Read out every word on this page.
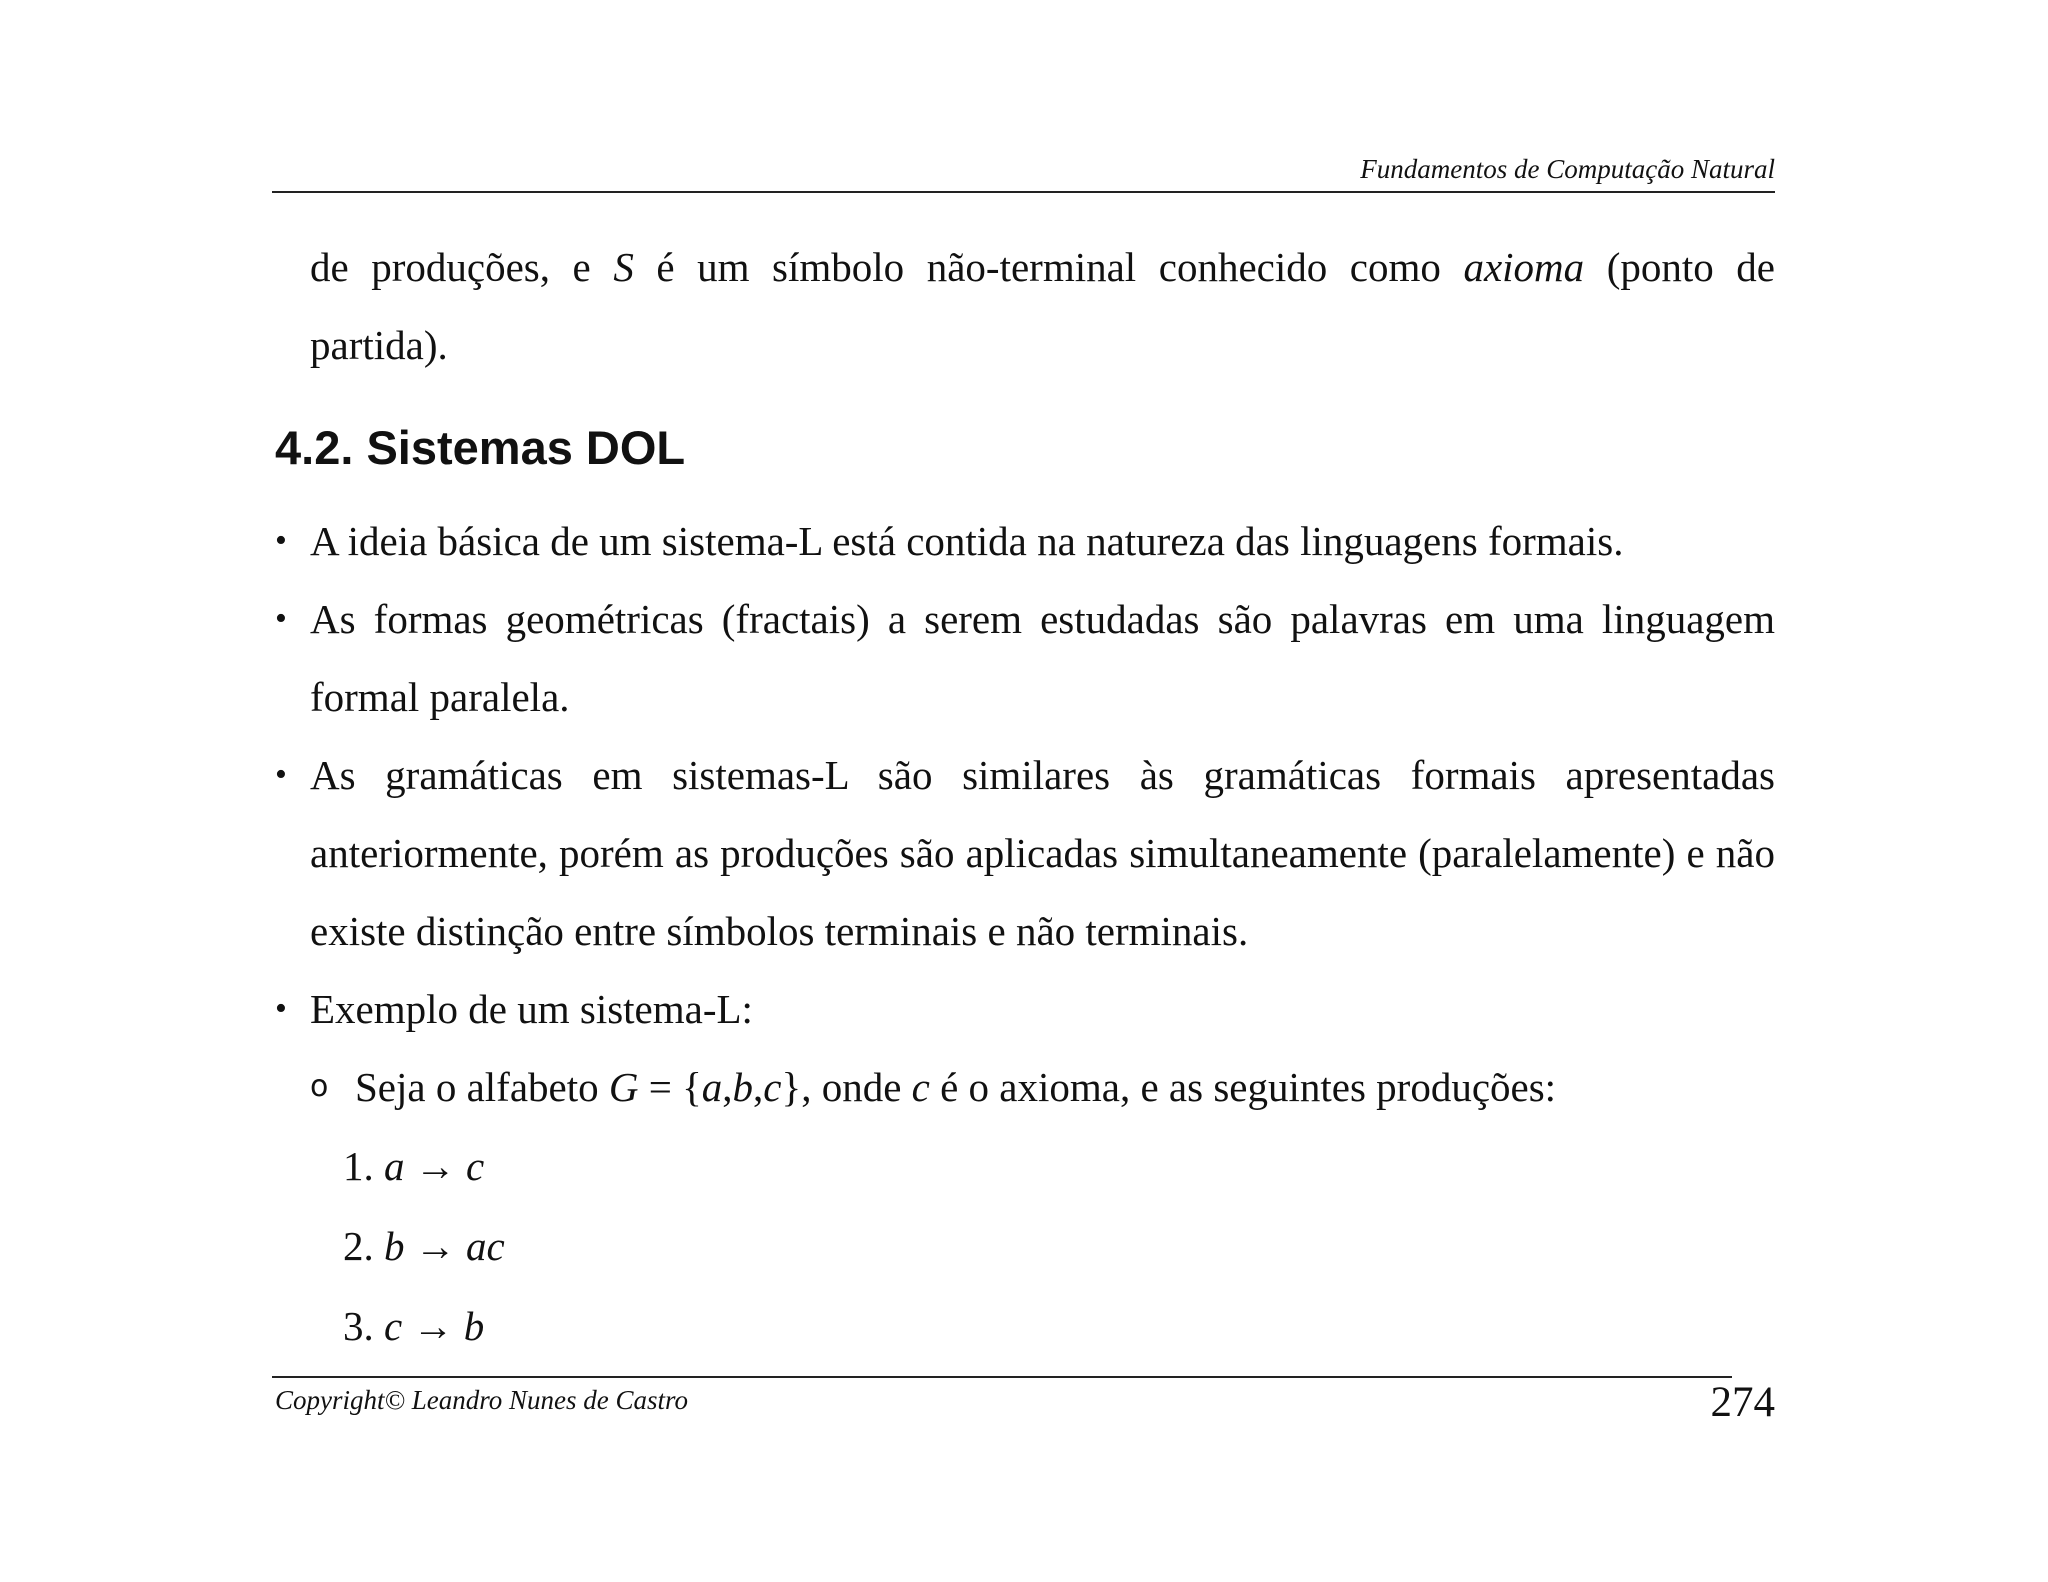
Fundamentos de Computação Natural

de produções, e S é um símbolo não-terminal conhecido como axioma (ponto de partida).

4.2. Sistemas DOL
• A ideia básica de um sistema-L está contida na natureza das linguagens formais.
• As formas geométricas (fractais) a serem estudadas são palavras em uma linguagem formal paralela.
• As gramáticas em sistemas-L são similares às gramáticas formais apresentadas anteriormente, porém as produções são aplicadas simultaneamente (paralelamente) e não existe distinção entre símbolos terminais e não terminais.
• Exemplo de um sistema-L:
o Seja o alfabeto G = {a,b,c}, onde c é o axioma, e as seguintes produções:
1. a → c
2. b → ac
3. c → b
Copyright© Leandro Nunes de Castro	274
